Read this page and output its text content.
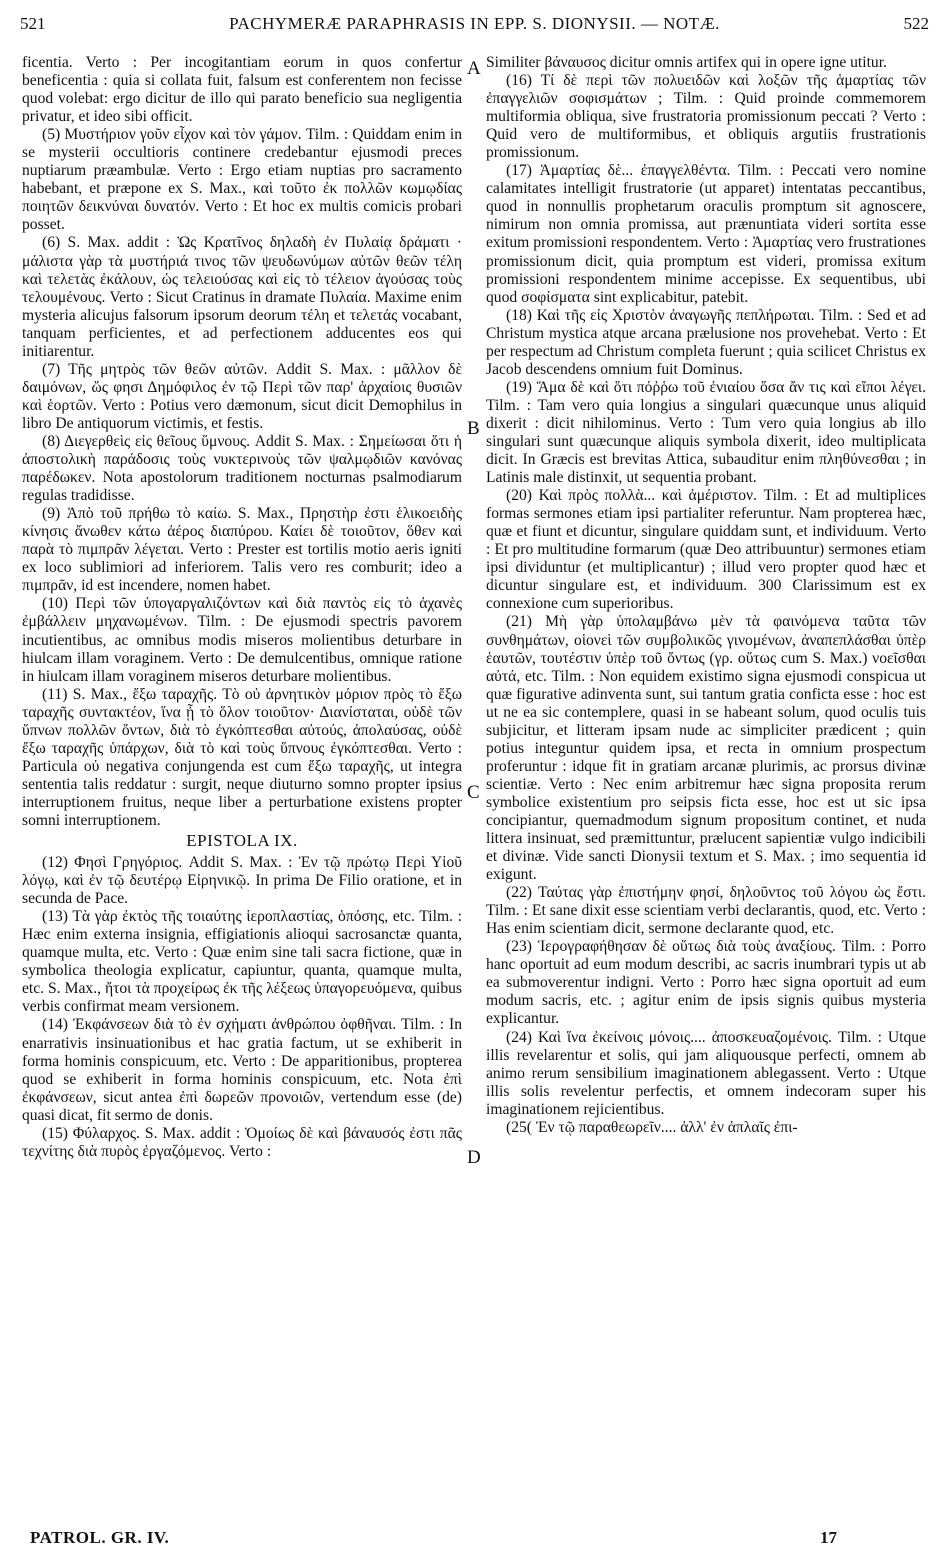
521	PACHYMERÆ PARAPHRASIS IN EPP. S. DIONYSII. — NOTÆ.	522

ficentia. Verto : Per incogitantiam eorum in quos confertur beneficentia : quia si collata fuit, falsum est conferentem non fecisse quod volebat: ergo dicitur de illo qui parato beneficio sua negligentia privatur, et ideo sibi officit.

(5) Μυστήριον γοῦν εἶχον καὶ τὸν γάμον. Tilm. : Quiddam enim in se mysterii occultioris continere credebantur ejusmodi preces nuptiarum præambulæ. Verto : Ergo etiam nuptias pro sacramento habebant, et præpone ex S. Max., καὶ τοῦτο ἐκ πολλῶν κωμῳδίας ποιητῶν δεικνύναι δυνατόν. Verto : Et hoc ex multis comicis probari posset.

(6) S. Max. addit : Ὡς Κρατῖνος δηλαδὴ ἐν Πυλαίᾳ δράματι · μάλιστα γὰρ τὰ μυστήριά τινος τῶν ψευδωνύμων αὐτῶν θεῶν τέλη καὶ τελετὰς ἐκάλουν, ὡς τελειούσας καὶ εἰς τὸ τέλειον ἀγούσας τοὺς τελουμένους. Verto : Sicut Cratinus in dramate Πυλαία. Maxime enim mysteria alicujus falsorum ipsorum deorum τέλη et τελετάς vocabant, tanquam perficientes, et ad perfectionem adducentes eos qui initiarentur.

(7) Τῆς μητρὸς τῶν θεῶν αὐτῶν. Addit S. Max. : μᾶλλον δὲ δαιμόνων, ὥς φησι Δημόφιλος ἐν τῷ Περὶ τῶν παρ' ἀρχαίοις θυσιῶν καὶ ἑορτῶν. Verto : Potius vero dæmonum, sicut dicit Demophilus in libro De antiquorum victimis, et festis.

(8) Διεγερθεὶς εἰς θεῖους ὕμνους. Addit S. Max. : Σημείωσαι ὅτι ἡ ἀποστολικὴ παράδοσις τοὺς νυκτερινοὺς τῶν ψαλμῳδιῶν κανόνας παρέδωκεν. Nota apostolorum traditionem nocturnas psalmodiarum regulas tradidisse.

(9) Ἀπὸ τοῦ πρήθω τὸ καίω. S. Max., Πρηστὴρ ἐστι ἑλικοειδὴς κίνησις ἄνωθεν κάτω ἀέρος διαπύρου. Καίει δὲ τοιοῦτον, ὅθεν καὶ παρὰ τὸ πιμπρᾶν λέγεται. Verto : Prester est tortilis motio aeris igniti ex loco sublimiori ad inferiorem. Talis vero res comburit; ideo a πιμπρᾶν, id est incendere, nomen habet.

(10) Περὶ τῶν ὑπογαργαλιζόντων καὶ διὰ παντὸς εἰς τὸ ἀχανὲς ἐμβάλλειν μηχανωμένων. Tilm. : De ejusmodi spectris pavorem incutientibus, ac omnibus modis miseros molientibus deturbare in hiulcam illam voraginem. Verto : De demulcentibus, omnique ratione in hiulcam illam voraginem miseros deturbare molientibus.

(11) S. Max., ἔξω ταραχῆς. Τὸ οὐ ἀρνητικὸν μόριον πρὸς τὸ ἔξω ταραχῆς συντακτέον, ἵνα ᾖ τὸ ὅλον τοιοῦτον· Διανίσταται, οὐδὲ τῶν ὕπνων πολλῶν ὄντων, διὰ τὸ ἐγκόπτεσθαι αὐτούς, ἀπολαύσας, οὐδὲ ἔξω ταραχῆς ὑπάρχων, διὰ τὸ καὶ τοὺς ὕπνους ἐγκόπτεσθαι. Verto : Particula οὐ negativa conjungenda est cum ἔξω ταραχῆς, ut integra sententia talis reddatur : surgit, neque diuturno somno propter ipsius interruptionem fruitus, neque liber a perturbatione existens propter somni interruptionem.

EPISTOLA IX.

(12) Φησὶ Γρηγόριος. Addit S. Max. : Ἐν τῷ πρώτῳ Περὶ Υἱοῦ λόγῳ, καὶ ἐν τῷ δευτέρῳ Εἰρηνικῷ. In prima De Filio oratione, et in secunda de Pace.

(13) Τὰ γὰρ ἐκτὸς τῆς τοιαύτης ἱεροπλαστίας, ὁπόσης, etc. Tilm. : Hæc enim externa insignia, effigiationis alioqui sacrosanctæ quanta, quamque multa, etc. Verto : Quæ enim sine tali sacra fictione, quæ in symbolica theologia explicatur, capiuntur, quanta, quamque multa, etc. S. Max., ἤτοι τὰ προχείρως ἐκ τῆς λέξεως ὑπαγορευόμενα, quibus verbis confirmat meam versionem.

(14) Ἐκφάνσεων διὰ τὸ ἐν σχήματι ἀνθρώπου ὀφθῆναι. Tilm. : In enarrativis insinuationibus et hac gratia factum, ut se exhiberit in forma hominis conspicuum, etc. Verto : De apparitionibus, propterea quod se exhiberit in forma hominis conspicuum, etc. Nota ἐπὶ ἐκφάνσεων, sicut antea ἐπὶ δωρεῶν προνοιῶν, vertendum esse (de) quasi dicat, fit sermo de donis.

(15) Φύλαρχος. S. Max. addit : Ὁμοίως δὲ καὶ βάναυσός ἐστι πᾶς τεχνίτης διὰ πυρὸς ἐργαζόμενος. Verto :

A
B
C
D

Similiter βάναυσος dicitur omnis artifex qui in opere igne utitur.

(16) Τί δὲ περὶ τῶν πολυειδῶν καὶ λοξῶν τῆς ἁμαρτίας τῶν ἐπαγγελιῶν σοφισμάτων ; Tilm. : Quid proinde commemorem multiformia obliqua, sive frustratoria promissionum peccati ? Verto : Quid vero de multiformibus, et obliquis argutiis frustrationis promissionum.

(17) Ἁμαρτίας δὲ... ἐπαγγελθέντα. Tilm. : Peccati vero nomine calamitates intelligit frustratorie (ut apparet) intentatas peccantibus, quod in nonnullis prophetarum oraculis promptum sit agnoscere, nimirum non omnia promissa, aut prænuntiata videri sortita esse exitum promissioni respondentem. Verto : Ἁμαρτίας vero frustrationes promissionum dicit, quia promptum est videri, promissa exitum promissioni respondentem minime accepisse. Ex sequentibus, ubi quod σοφίσματα sint explicabitur, patebit.

(18) Καὶ τῆς εἰς Χριστὸν ἀναγωγῆς πεπλήρωται. Tilm. : Sed et ad Christum mystica atque arcana prælusione nos provehebat. Verto : Et per respectum ad Christum completa fuerunt ; quia scilicet Christus ex Jacob descendens omnium fuit Dominus.

(19) Ἅμα δὲ καὶ ὅτι πόῤῥω τοῦ ἐνιαίου ὅσα ἄν τις καὶ εἴποι λέγει. Tilm. : Tam vero quia longius a singulari quæcunque unus aliquid dixerit : dicit nihilominus. Verto : Tum vero quia longius ab illo singulari sunt quæcunque aliquis symbola dixerit, ideo multiplicata dicit. In Græcis est brevitas Attica, subauditur enim πληθύνεσθαι ; in Latinis male distinxit, ut sequentia probant.

(20) Καὶ πρὸς πολλὰ... καὶ ἀμέριστον. Tilm. : Et ad multiplices formas sermones etiam ipsi partialiter referuntur. Nam propterea hæc, quæ et fiunt et dicuntur, singulare quiddam sunt, et individuum. Verto : Et pro multitudine formarum (quæ Deo attribuuntur) sermones etiam ipsi dividuntur (et multiplicantur) ; illud vero propter quod hæc et dicuntur singulare est, et individuum. 300 Clarissimum est ex connexione cum superioribus.

(21) Μὴ γὰρ ὑπολαμβάνω μὲν τὰ φαινόμενα ταῦτα τῶν συνθημάτων, οἱονεὶ τῶν συμβολικῶς γινομένων, ἀναπεπλάσθαι ὑπὲρ ἑαυτῶν, τουτέστιν ὑπὲρ τοῦ ὄντως (γρ. οὕτως cum S. Max.) νοεῖσθαι αὐτά, etc. Tilm. : Non equidem existimo signa ejusmodi conspicua ut quæ figurative adinventa sunt, sui tantum gratia conficta esse : hoc est ut ne ea sic contemplere, quasi in se habeant solum, quod oculis tuis subjicitur, et litteram ipsam nude ac simpliciter prædicent ; quin potius integuntur quidem ipsa, et recta in omnium prospectum proferuntur : idque fit in gratiam arcanæ plurimis, ac prorsus divinæ scientiæ. Verto : Nec enim arbitremur hæc signa proposita rerum symbolice existentium pro seipsis ficta esse, hoc est ut sic ipsa concipiantur, quemadmodum signum propositum continet, et nuda littera insinuat, sed præmittuntur, prælucent sapientiæ vulgo indicibili et divinæ. Vide sancti Dionysii textum et S. Max. ; imo sequentia id exigunt.

(22) Ταύτας γὰρ ἐπιστήμην φησί, δηλοῦντος τοῦ λόγου ὡς ἔστι. Tilm. : Et sane dixit esse scientiam verbi declarantis, quod, etc. Verto : Has enim scientiam dicit, sermone declarante quod, etc.

(23) Ἱερογραφήθησαν δὲ οὕτως διὰ τοὺς ἀναξίους. Tilm. : Porro hanc oportuit ad eum modum describi, ac sacris inumbrari typis ut ab ea submoverentur indigni. Verto : Porro hæc signa oportuit ad eum modum sacris, etc. ; agitur enim de ipsis signis quibus mysteria explicantur.

(24) Καὶ ἵνα ἐκείνοις μόνοις.... ἀποσκευαζομένοις. Tilm. : Utque illis revelarentur et solis, qui jam aliquousque perfecti, omnem ab animo rerum sensibilium imaginationem ablegassent. Verto : Utque illis solis revelentur perfectis, et omnem indecoram super his imaginationem rejicientibus.

(25( Ἐν τῷ παραθεωρεῖν.... ἀλλ' ἐν ἁπλαῖς ἐπι-

PATROL. GR. IV.	17
